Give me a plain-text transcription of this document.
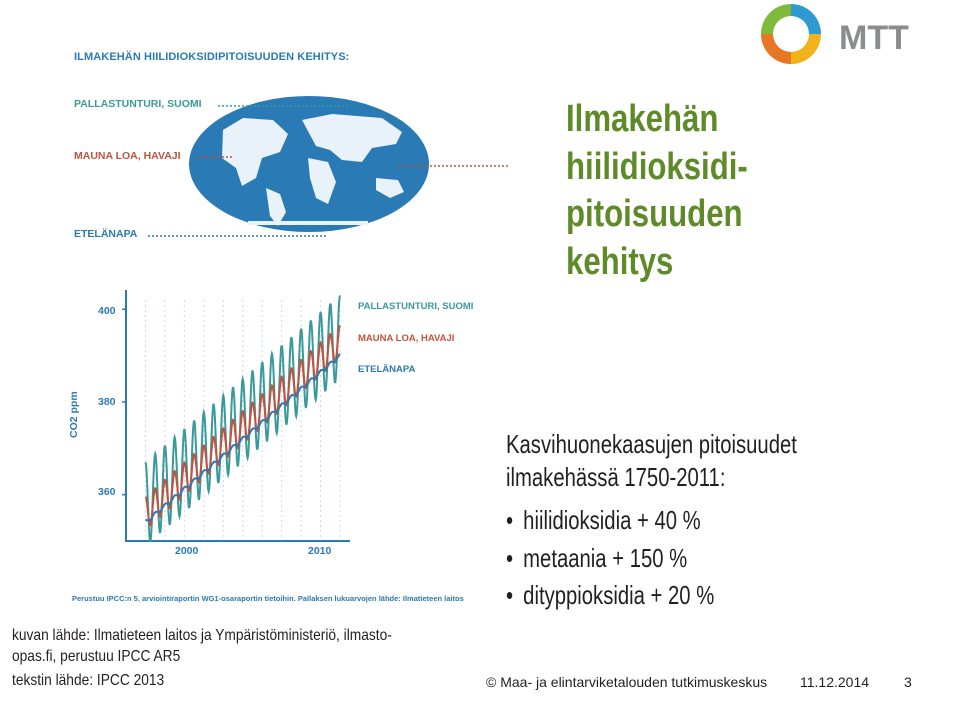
MTT
ILMAKEHÄN HIILIDIOKSIDIPITOISUUDEN KEHITYS:
PALLASTUNTURI, SUOMI
MAUNA LOA, HAVAJI
ETELÄNAPA
PALLASTUNTURI, SUOMI
MAUNA LOA, HAVAJI
ETELÄNAPA
400
380
360
2000	2010
CO2 ppm
Perustuu IPCC:n 5. arviointiraportin WG1-osaraportin tietoihin. Pallaksen lukuarvojen lähde: Ilmatieteen laitos
Ilmakehän
hiilidioksidi-
pitoisuuden
kehitys
Kasvihuonekaasujen pitoisuudet
ilmakehässä 1750-2011:
• hiilidioksidia + 40 %
• metaania + 150 %
• dityppioksidia + 20 %
kuvan lähde: Ilmatieteen laitos ja Ympäristöministeriö, ilmasto-
opas.fi, perustuu IPCC AR5
tekstin lähde: IPCC 2013	© Maa- ja elintarviketalouden tutkimuskeskus 11.12.2014 3
